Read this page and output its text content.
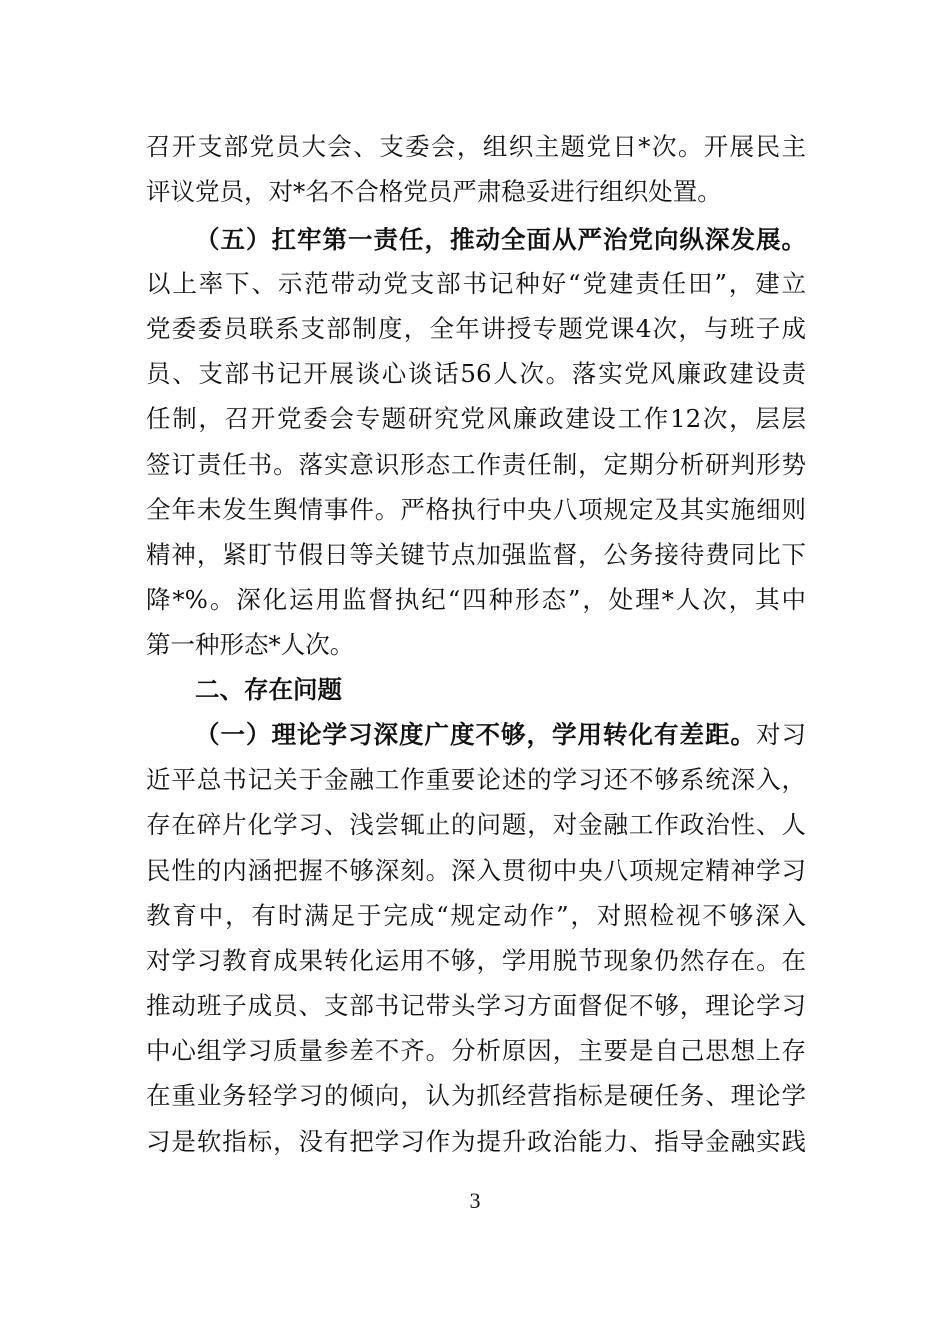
召开支部党员大会、支委会，组织主题党日*次。开展民主
评议党员，对*名不合格党员严肃稳妥进行组织处置。
（五）扛牢第一责任，推动全面从严治党向纵深发展。
以上率下、示范带动党支部书记种好“党建责任田”，建立
党委委员联系支部制度，全年讲授专题党课4次，与班子成
员、支部书记开展谈心谈话56人次。落实党风廉政建设责
任制，召开党委会专题研究党风廉政建设工作12次，层层
签订责任书。落实意识形态工作责任制，定期分析研判形势
全年未发生舆情事件。严格执行中央八项规定及其实施细则
精神，紧盯节假日等关键节点加强监督，公务接待费同比下
降*%。深化运用监督执纪“四种形态”，处理*人次，其中
第一种形态*人次。
二、存在问题
（一）理论学习深度广度不够，学用转化有差距。对习
近平总书记关于金融工作重要论述的学习还不够系统深入，
存在碎片化学习、浅尝辄止的问题，对金融工作政治性、人
民性的内涵把握不够深刻。深入贯彻中央八项规定精神学习
教育中，有时满足于完成“规定动作”，对照检视不够深入
对学习教育成果转化运用不够，学用脱节现象仍然存在。在
推动班子成员、支部书记带头学习方面督促不够，理论学习
中心组学习质量参差不齐。分析原因，主要是自己思想上存
在重业务轻学习的倾向，认为抓经营指标是硬任务、理论学
习是软指标，没有把学习作为提升政治能力、指导金融实践
3
